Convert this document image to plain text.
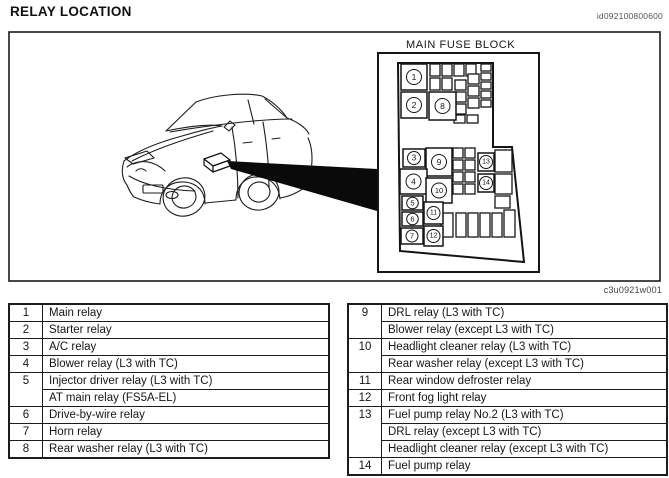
RELAY LOCATION	id092100800600
MAIN FUSE BLOCK
1
2	8
3 9	13
4
10
14
5
6
11
7 12
c3u0921w001
1	Main relay
2	Starter relay
3	A/C relay
4	Blower relay (L3 with TC)
5	Injector driver relay (L3 with TC)
AT main relay (FS5A-EL)
6	Drive-by-wire relay
7	Horn relay
8	Rear washer relay (L3 with TC)
9	DRL relay (L3 with TC)
Blower relay (except L3 with TC)
10	Headlight cleaner relay (L3 with TC)
Rear washer relay (except L3 with TC)
11	Rear window defroster relay
12	Front fog light relay
13	Fuel pump relay No.2 (L3 with TC)
DRL relay (except L3 with TC)
Headlight cleaner relay (except L3 with TC)
14	Fuel pump relay
